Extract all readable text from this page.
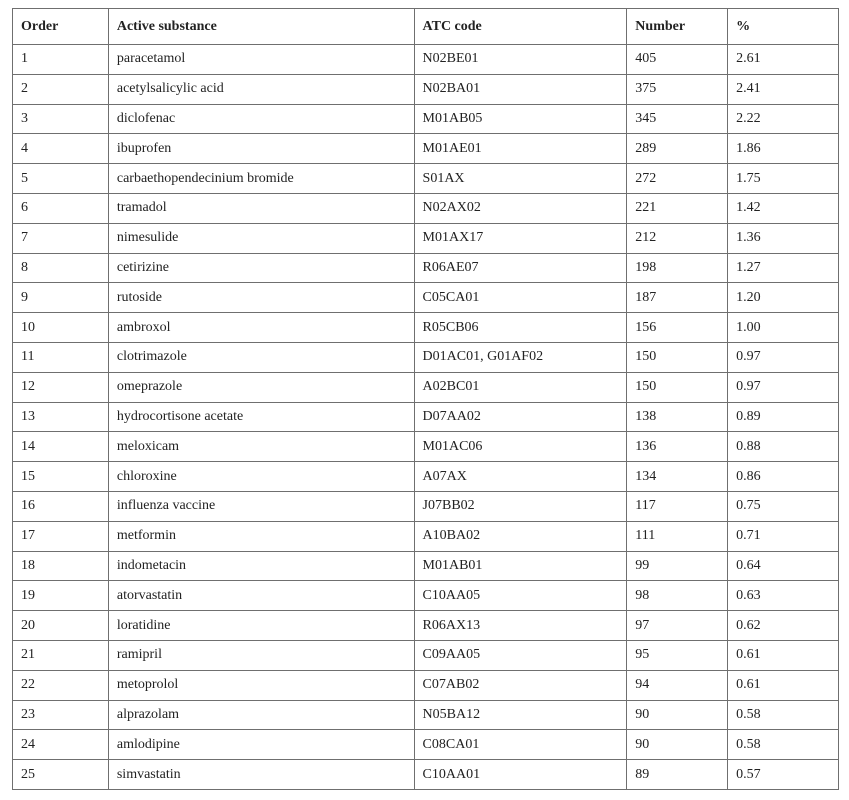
Order	Active substance	ATC code	Number	%
1	paracetamol	N02BE01	405	2.61
2	acetylsalicylic acid	N02BA01	375	2.41
3	diclofenac	M01AB05	345	2.22
4	ibuprofen	M01AE01	289	1.86
5	carbaethopendecinium bromide	S01AX	272	1.75
6	tramadol	N02AX02	221	1.42
7	nimesulide	M01AX17	212	1.36
8	cetirizine	R06AE07	198	1.27
9	rutoside	C05CA01	187	1.20
10	ambroxol	R05CB06	156	1.00
11	clotrimazole	D01AC01, G01AF02	150	0.97
12	omeprazole	A02BC01	150	0.97
13	hydrocortisone acetate	D07AA02	138	0.89
14	meloxicam	M01AC06	136	0.88
15	chloroxine	A07AX	134	0.86
16	influenza vaccine	J07BB02	117	0.75
17	metformin	A10BA02	111	0.71
18	indometacin	M01AB01	99	0.64
19	atorvastatin	C10AA05	98	0.63
20	loratidine	R06AX13	97	0.62
21	ramipril	C09AA05	95	0.61
22	metoprolol	C07AB02	94	0.61
23	alprazolam	N05BA12	90	0.58
24	amlodipine	C08CA01	90	0.58
25	simvastatin	C10AA01	89	0.57
